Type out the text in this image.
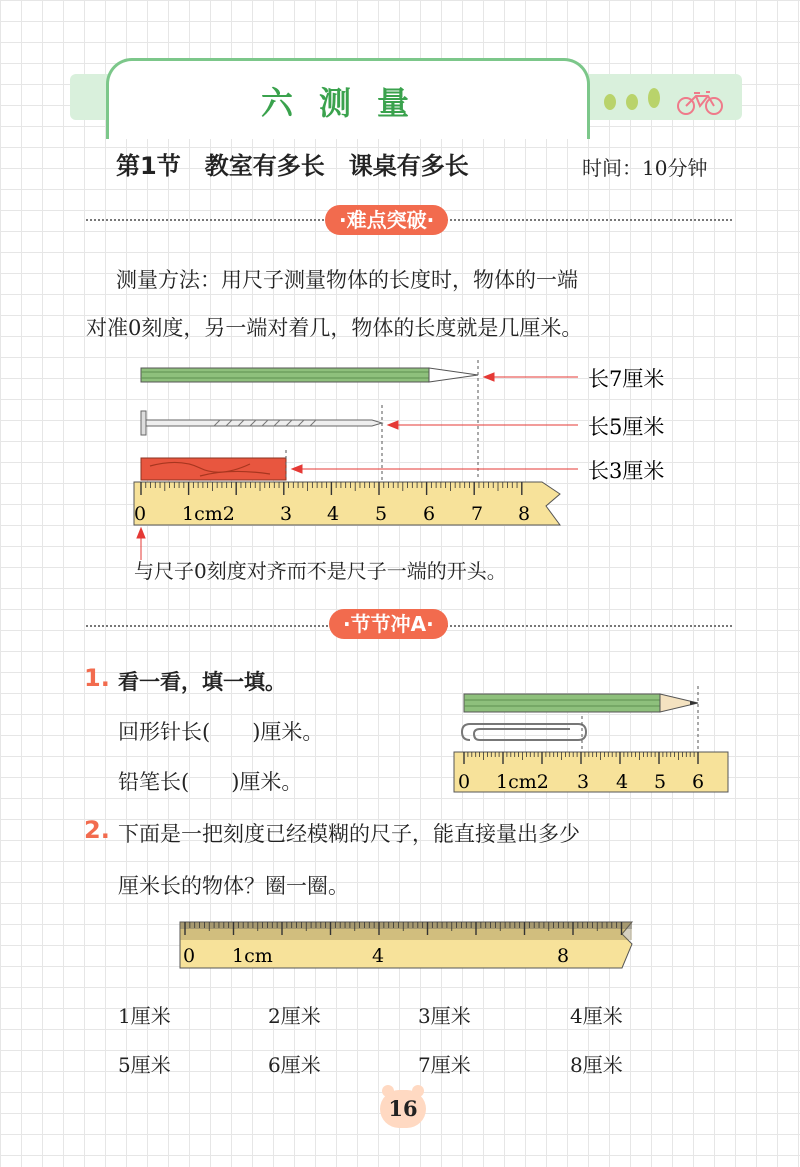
六测量
第1节　教室有多长　课桌有多长	时间：10分钟
·难点突破·
测量方法：用尺子测量物体的长度时，物体的一端
对准0刻度，另一端对着几，物体的长度就是几厘米。
长7厘米
长5厘米
长3厘米
0 1cm2 3 4 5 6 7 8
与尺子0刻度对齐而不是尺子一端的开头。
·节节冲A·
1. 看一看，填一填。
回形针长(　　)厘米。
铅笔长(　　)厘米。	0 1cm2 3 4 5 6
2. 下面是一把刻度已经模糊的尺子，能直接量出多少
厘米长的物体？圈一圈。
0 1cm	4	8
1厘米	2厘米	3厘米	4厘米
5厘米	6厘米	7厘米	8厘米
16
